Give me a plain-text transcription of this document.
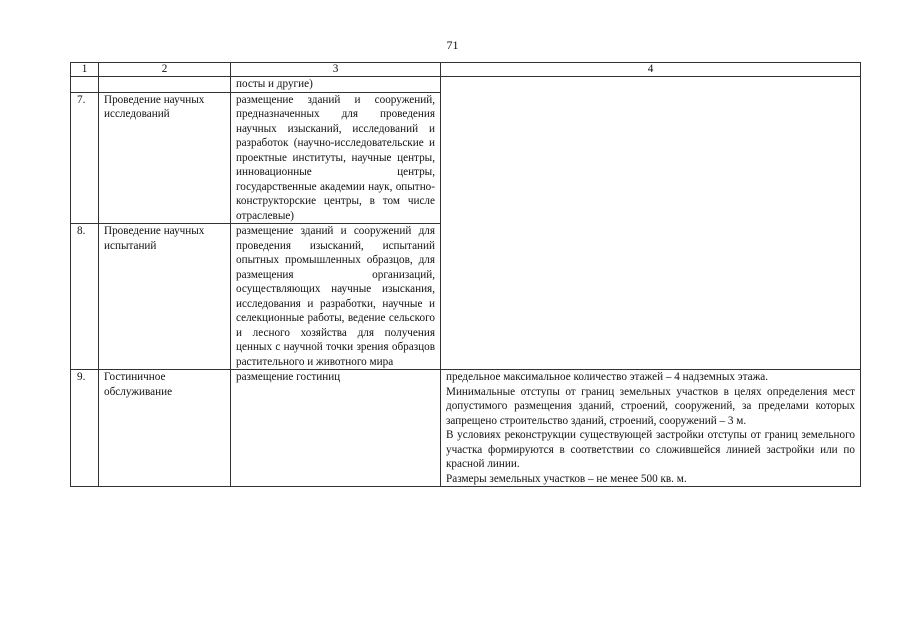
71
1	2	3	4
		посты и другие)	
7.	Проведение научных исследований	размещение зданий и сооружений, предназначенных для проведения научных изысканий, исследований и разработок (научно-исследовательские и проектные институты, научные центры, инновационные центры, государственные академии наук, опытно-конструкторские центры, в том числе отраслевые)	
8.	Проведение научных испытаний	размещение зданий и сооружений для проведения изысканий, испытаний опытных промышленных образцов, для размещения организаций, осуществляющих научные изыскания, исследования и разработки, научные и селекционные работы, ведение сельского и лесного хозяйства для получения ценных с научной точки зрения образцов растительного и животного мира	
9.	Гостиничное обслуживание	размещение гостиниц	предельное максимальное количество этажей – 4 надземных этажа.
Минимальные отступы от границ земельных участков в целях определения мест допустимого размещения зданий, строений, сооружений, за пределами которых запрещено строительство зданий, строений, сооружений – 3 м.
В условиях реконструкции существующей застройки отступы от границ земельного участка формируются в соответствии со сложившейся линией застройки или по красной линии.
Размеры земельных участков – не менее 500 кв. м.
